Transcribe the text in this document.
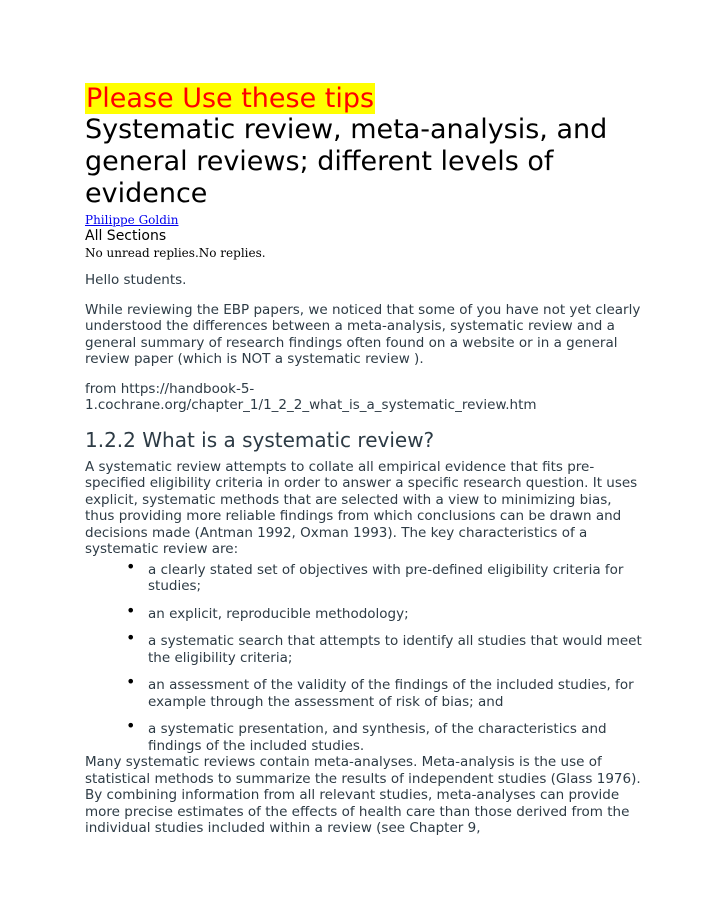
Please Use these tips
Systematic review, meta-analysis, and general reviews; different levels of evidence
Philippe Goldin
All Sections
No unread replies.No replies.

Hello students.

While reviewing the EBP papers, we noticed that some of you have not yet clearly understood the differences between a meta-analysis, systematic review and a general summary of research findings often found on a website or in a general review paper (which is NOT a systematic review ).

from https://handbook-5-1.cochrane.org/chapter_1/1_2_2_what_is_a_systematic_review.htm

1.2.2 What is a systematic review?

A systematic review attempts to collate all empirical evidence that fits pre-specified eligibility criteria in order to answer a specific research question. It uses explicit, systematic methods that are selected with a view to minimizing bias, thus providing more reliable findings from which conclusions can be drawn and decisions made (Antman 1992, Oxman 1993). The key characteristics of a systematic review are:

• a clearly stated set of objectives with pre-defined eligibility criteria for studies;
• an explicit, reproducible methodology;
• a systematic search that attempts to identify all studies that would meet the eligibility criteria;
• an assessment of the validity of the findings of the included studies, for example through the assessment of risk of bias; and
• a systematic presentation, and synthesis, of the characteristics and findings of the included studies.

Many systematic reviews contain meta-analyses. Meta-analysis is the use of statistical methods to summarize the results of independent studies (Glass 1976). By combining information from all relevant studies, meta-analyses can provide more precise estimates of the effects of health care than those derived from the individual studies included within a review (see Chapter 9,
